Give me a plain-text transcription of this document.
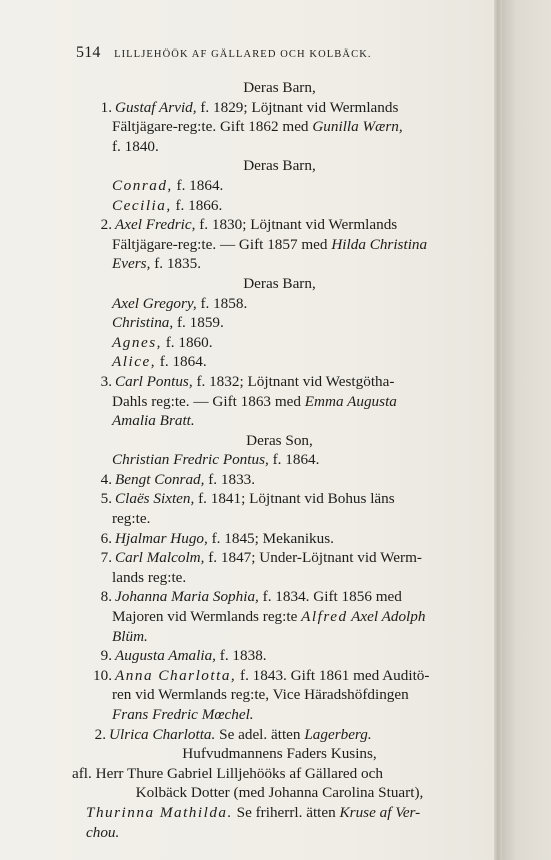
514 LILLJEHÖÖK AF GÄLLARED OCH KOLBÄCK.
Deras Barn,
1. Gustaf Arvid, f. 1829; Löjtnant vid Wermlands
Fältjägare-reg:te. Gift 1862 med Gunilla Wærn,
f. 1840.
Deras Barn,
Conrad, f. 1864.
Cecilia, f. 1866.
2. Axel Fredric, f. 1830; Löjtnant vid Wermlands
Fältjägare-reg:te. — Gift 1857 med Hilda Christina
Evers, f. 1835.
Deras Barn,
Axel Gregory, f. 1858.
Christina, f. 1859.
Agnes, f. 1860.
Alice, f. 1864.
3. Carl Pontus, f. 1832; Löjtnant vid Westgötha-
Dahls reg:te. — Gift 1863 med Emma Augusta
Amalia Bratt.
Deras Son,
Christian Fredric Pontus, f. 1864.
4. Bengt Conrad, f. 1833.
5. Claës Sixten, f. 1841; Löjtnant vid Bohus läns
reg:te.
6. Hjalmar Hugo, f. 1845; Mekanikus.
7. Carl Malcolm, f. 1847; Under-Löjtnant vid Werm-
lands reg:te.
8. Johanna Maria Sophia, f. 1834. Gift 1856 med
Majoren vid Wermlands reg:te Alfred Axel Adolph
Blüm.
9. Augusta Amalia, f. 1838.
10. Anna Charlotta, f. 1843. Gift 1861 med Auditö-
ren vid Wermlands reg:te, Vice Häradshöfdingen
Frans Fredric Mœchel.
2. Ulrica Charlotta. Se adel. ätten Lagerberg.
Hufvudmannens Faders Kusins,
afl. Herr Thure Gabriel Lilljehööks af Gällared och
Kolbäck Dotter (med Johanna Carolina Stuart),
Thurinna Mathilda. Se friherrl. ätten Kruse af Ver-
chou.
